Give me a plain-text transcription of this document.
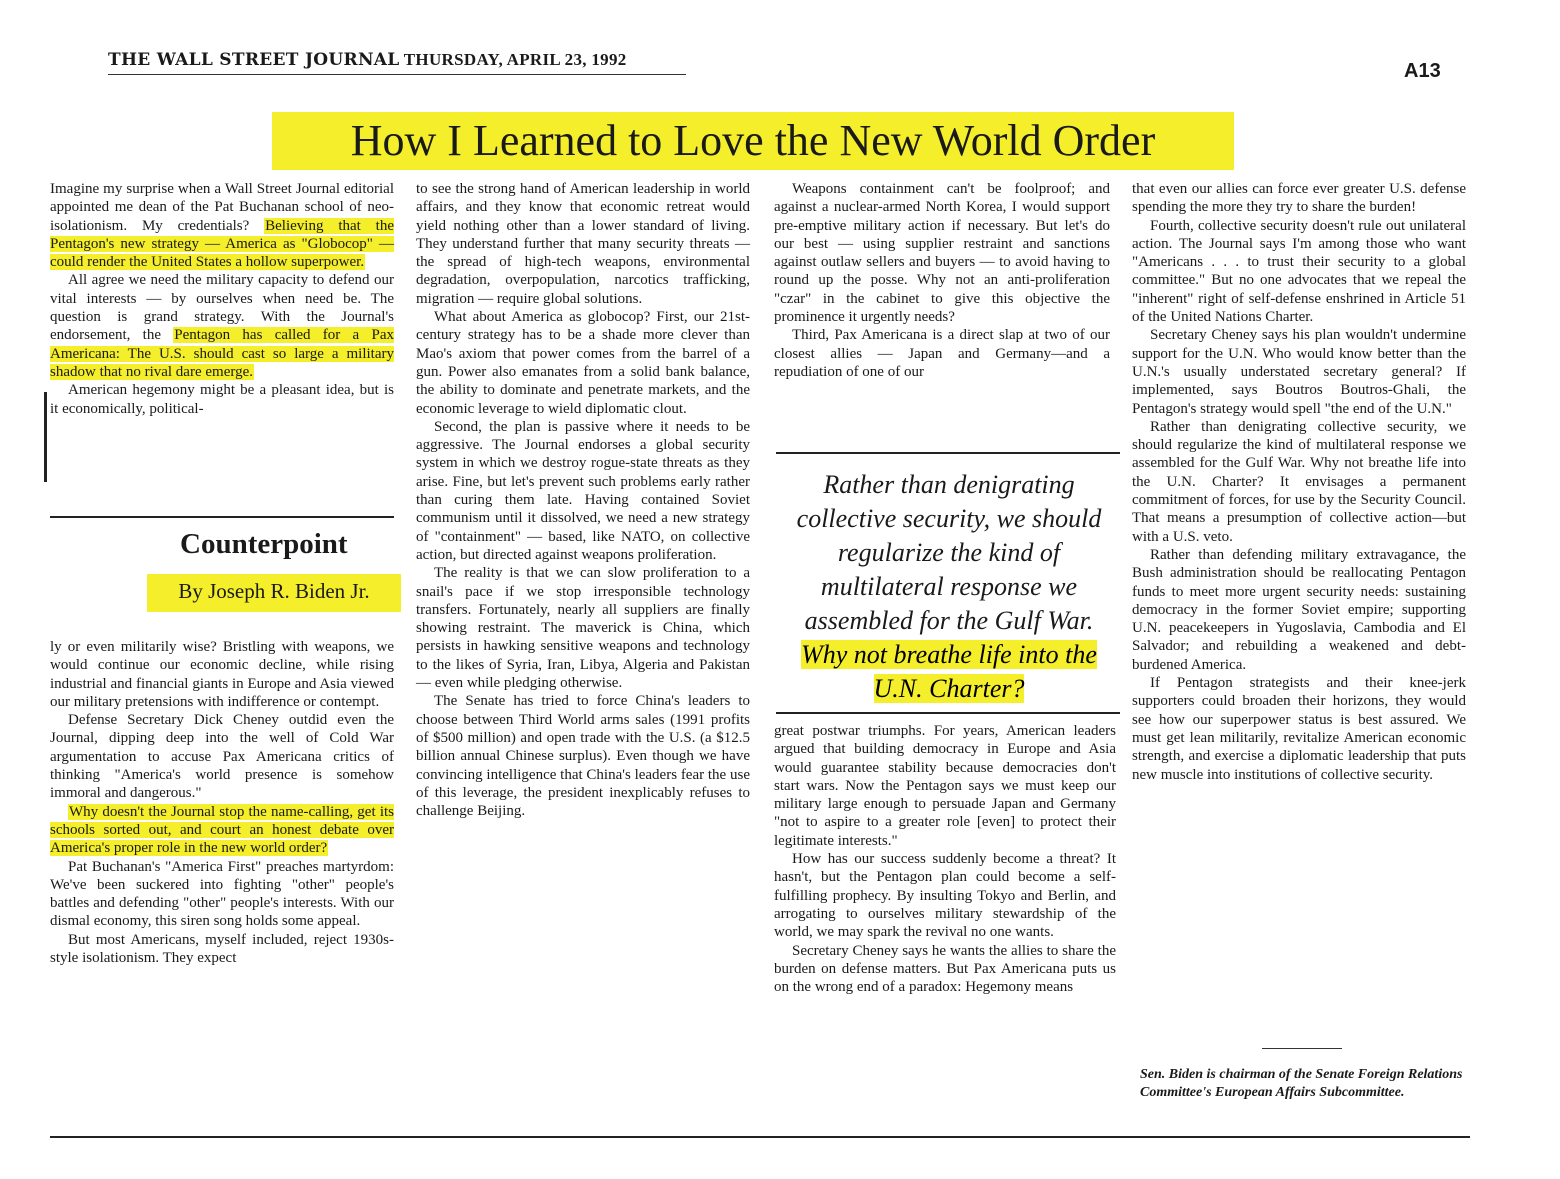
THE WALL STREET JOURNAL THURSDAY, APRIL 23, 1992
A13
How I Learned to Love the New World Order

Imagine my surprise when a Wall Street Journal editorial appointed me dean of the Pat Buchanan school of neo-isolationism. My credentials? Believing that the Pentagon's new strategy — America as "Globocop" — could render the United States a hollow superpower.

All agree we need the military capacity to defend our vital interests — by ourselves when need be. The question is grand strategy. With the Journal's endorsement, the Pentagon has called for a Pax Americana: The U.S. should cast so large a military shadow that no rival dare emerge.

American hegemony might be a pleasant idea, but is it economically, political-

Counterpoint
By Joseph R. Biden Jr.

ly or even militarily wise? Bristling with weapons, we would continue our economic decline, while rising industrial and financial giants in Europe and Asia viewed our military pretensions with indifference or contempt.

Defense Secretary Dick Cheney outdid even the Journal, dipping deep into the well of Cold War argumentation to accuse Pax Americana critics of thinking "America's world presence is somehow immoral and dangerous."

Why doesn't the Journal stop the name-calling, get its schools sorted out, and court an honest debate over America's proper role in the new world order?

Pat Buchanan's "America First" preaches martyrdom: We've been suckered into fighting "other" people's battles and defending "other" people's interests. With our dismal economy, this siren song holds some appeal.

But most Americans, myself included, reject 1930s-style isolationism. They expect

to see the strong hand of American leadership in world affairs, and they know that economic retreat would yield nothing other than a lower standard of living. They understand further that many security threats — the spread of high-tech weapons, environmental degradation, overpopulation, narcotics trafficking, migration — require global solutions.

What about America as globocop? First, our 21st-century strategy has to be a shade more clever than Mao's axiom that power comes from the barrel of a gun. Power also emanates from a solid bank balance, the ability to dominate and penetrate markets, and the economic leverage to wield diplomatic clout.

Second, the plan is passive where it needs to be aggressive. The Journal endorses a global security system in which we destroy rogue-state threats as they arise. Fine, but let's prevent such problems early rather than curing them late. Having contained Soviet communism until it dissolved, we need a new strategy of "containment" — based, like NATO, on collective action, but directed against weapons proliferation.

The reality is that we can slow proliferation to a snail's pace if we stop irresponsible technology transfers. Fortunately, nearly all suppliers are finally showing restraint. The maverick is China, which persists in hawking sensitive weapons and technology to the likes of Syria, Iran, Libya, Algeria and Pakistan — even while pledging otherwise.

The Senate has tried to force China's leaders to choose between Third World arms sales (1991 profits of $500 million) and open trade with the U.S. (a $12.5 billion annual Chinese surplus). Even though we have convincing intelligence that China's leaders fear the use of this leverage, the president inexplicably refuses to challenge Beijing.

Weapons containment can't be foolproof; and against a nuclear-armed North Korea, I would support pre-emptive military action if necessary. But let's do our best — using supplier restraint and sanctions against outlaw sellers and buyers — to avoid having to round up the posse. Why not an anti-proliferation "czar" in the cabinet to give this objective the prominence it urgently needs?

Third, Pax Americana is a direct slap at two of our closest allies — Japan and Germany—and a repudiation of one of our

Rather than denigrating collective security, we should regularize the kind of multilateral response we assembled for the Gulf War. Why not breathe life into the U.N. Charter?

great postwar triumphs. For years, American leaders argued that building democracy in Europe and Asia would guarantee stability because democracies don't start wars. Now the Pentagon says we must keep our military large enough to persuade Japan and Germany "not to aspire to a greater role [even] to protect their legitimate interests."

How has our success suddenly become a threat? It hasn't, but the Pentagon plan could become a self-fulfilling prophecy. By insulting Tokyo and Berlin, and arrogating to ourselves military stewardship of the world, we may spark the revival no one wants.

Secretary Cheney says he wants the allies to share the burden on defense matters. But Pax Americana puts us on the wrong end of a paradox: Hegemony means

that even our allies can force ever greater U.S. defense spending the more they try to share the burden!

Fourth, collective security doesn't rule out unilateral action. The Journal says I'm among those who want "Americans . . . to trust their security to a global committee." But no one advocates that we repeal the "inherent" right of self-defense enshrined in Article 51 of the United Nations Charter.

Secretary Cheney says his plan wouldn't undermine support for the U.N. Who would know better than the U.N.'s usually understated secretary general? If implemented, says Boutros Boutros-Ghali, the Pentagon's strategy would spell "the end of the U.N."

Rather than denigrating collective security, we should regularize the kind of multilateral response we assembled for the Gulf War. Why not breathe life into the U.N. Charter? It envisages a permanent commitment of forces, for use by the Security Council. That means a presumption of collective action—but with a U.S. veto.

Rather than defending military extravagance, the Bush administration should be reallocating Pentagon funds to meet more urgent security needs: sustaining democracy in the former Soviet empire; supporting U.N. peacekeepers in Yugoslavia, Cambodia and El Salvador; and rebuilding a weakened and debt-burdened America.

If Pentagon strategists and their knee-jerk supporters could broaden their horizons, they would see how our superpower status is best assured. We must get lean militarily, revitalize American economic strength, and exercise a diplomatic leadership that puts new muscle into institutions of collective security.

Sen. Biden is chairman of the Senate Foreign Relations Committee's European Affairs Subcommittee.
